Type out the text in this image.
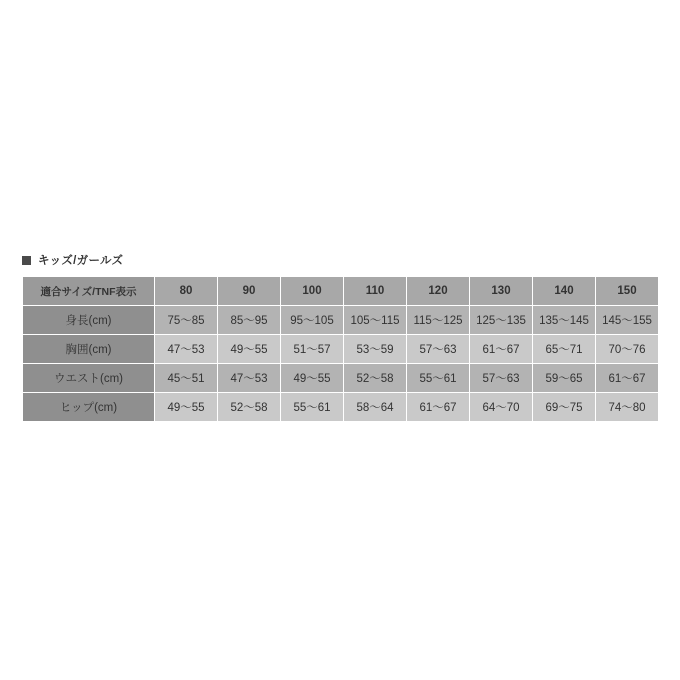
キッズ/ガールズ
適合サイズ/TNF表示	80	90	100	110	120	130	140	150
身長(cm)	75〜85	85〜95	95〜105	105〜115	115〜125	125〜135	135〜145	145〜155
胸囲(cm)	47〜53	49〜55	51〜57	53〜59	57〜63	61〜67	65〜71	70〜76
ウエスト(cm)	45〜51	47〜53	49〜55	52〜58	55〜61	57〜63	59〜65	61〜67
ヒップ(cm)	49〜55	52〜58	55〜61	58〜64	61〜67	64〜70	69〜75	74〜80
